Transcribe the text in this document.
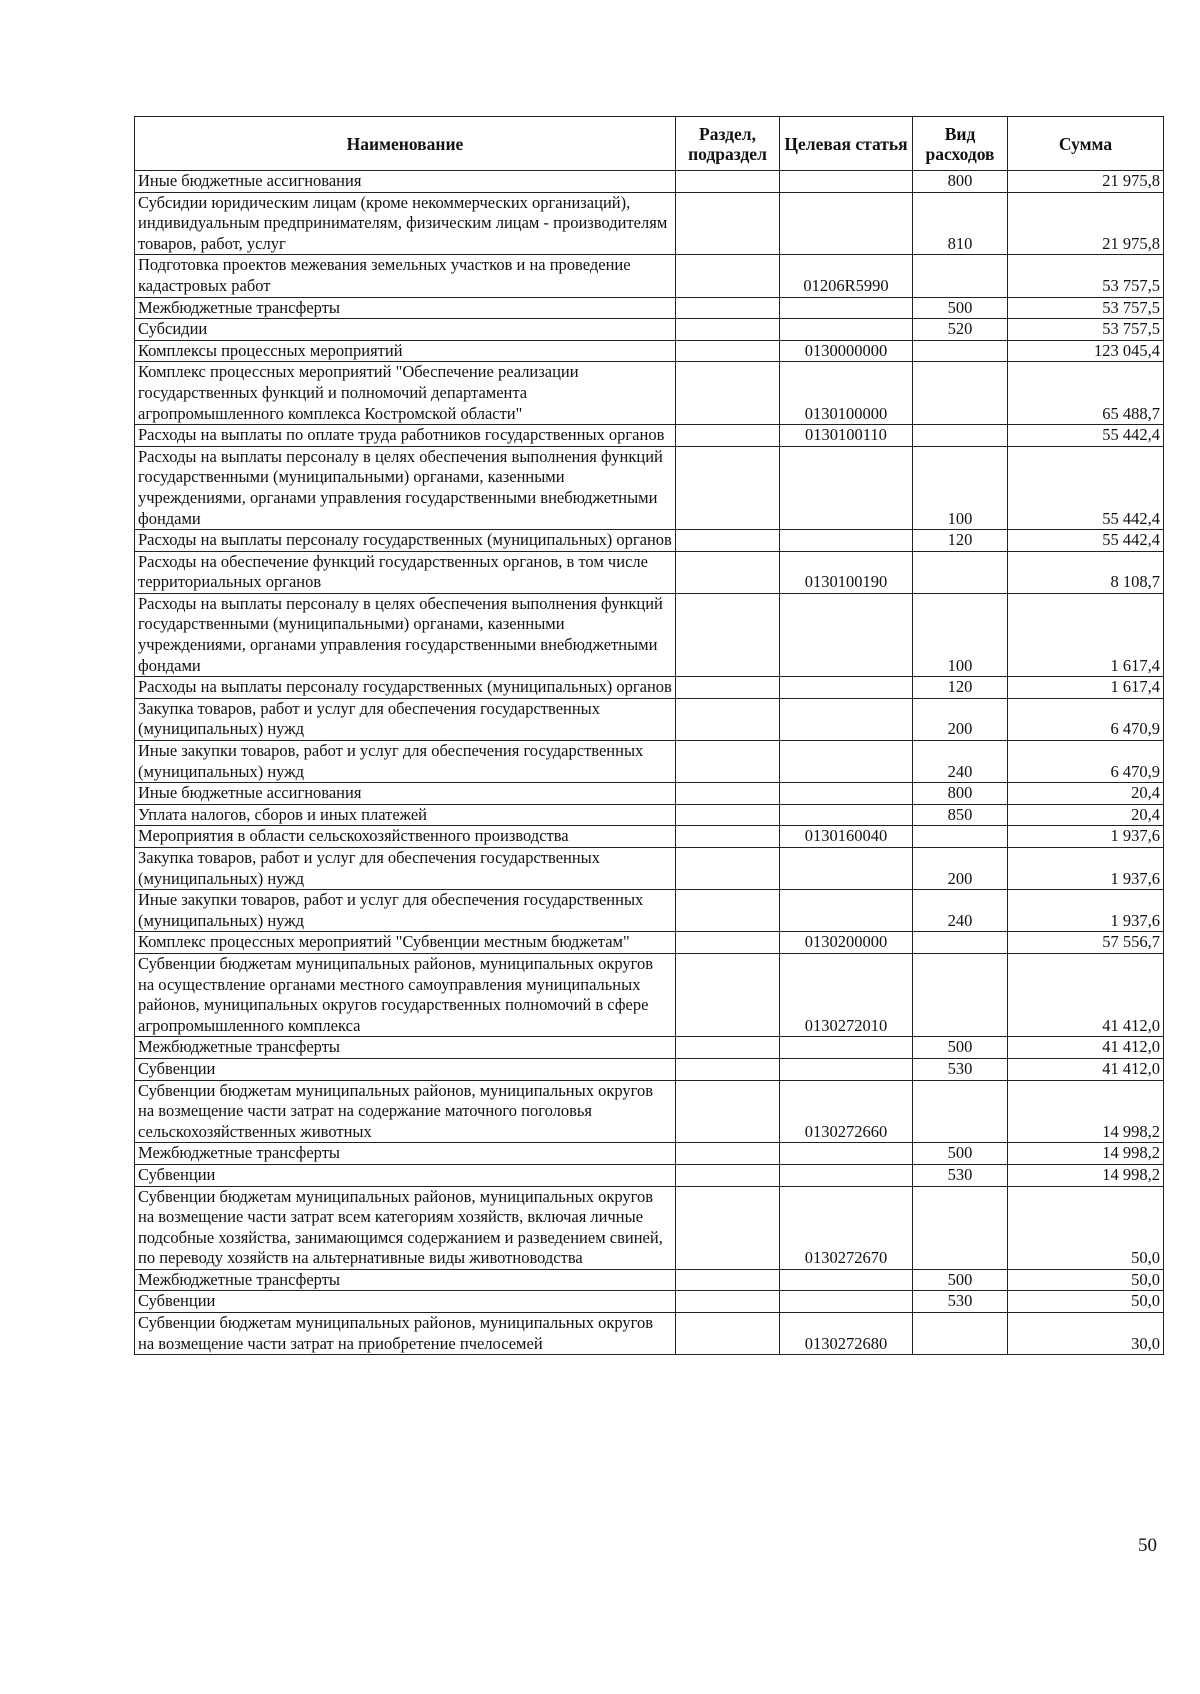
Наименование	Раздел, подраздел	Целевая статья	Вид расходов	Сумма
Иные бюджетные ассигнования			800	21 975,8
Субсидии юридическим лицам (кроме некоммерческих организаций), индивидуальным предпринимателям, физическим лицам - производителям товаров, работ, услуг			810	21 975,8
Подготовка проектов межевания земельных участков и на проведение кадастровых работ		01206R5990		53 757,5
Межбюджетные трансферты			500	53 757,5
Субсидии			520	53 757,5
Комплексы процессных мероприятий		0130000000		123 045,4
Комплекс процессных мероприятий "Обеспечение реализации государственных функций и полномочий департамента агропромышленного комплекса Костромской области"		0130100000		65 488,7
Расходы на выплаты по оплате труда работников государственных органов		0130100110		55 442,4
Расходы на выплаты персоналу в целях обеспечения выполнения функций государственными (муниципальными) органами, казенными учреждениями, органами управления государственными внебюджетными фондами			100	55 442,4
Расходы на выплаты персоналу государственных (муниципальных) органов			120	55 442,4
Расходы на обеспечение функций государственных органов, в том числе территориальных органов		0130100190		8 108,7
Расходы на выплаты персоналу в целях обеспечения выполнения функций государственными (муниципальными) органами, казенными учреждениями, органами управления государственными внебюджетными фондами			100	1 617,4
Расходы на выплаты персоналу государственных (муниципальных) органов			120	1 617,4
Закупка товаров, работ и услуг для обеспечения государственных (муниципальных) нужд			200	6 470,9
Иные закупки товаров, работ и услуг для обеспечения государственных (муниципальных) нужд			240	6 470,9
Иные бюджетные ассигнования			800	20,4
Уплата налогов, сборов и иных платежей			850	20,4
Мероприятия в области сельскохозяйственного производства		0130160040		1 937,6
Закупка товаров, работ и услуг для обеспечения государственных (муниципальных) нужд			200	1 937,6
Иные закупки товаров, работ и услуг для обеспечения государственных (муниципальных) нужд			240	1 937,6
Комплекс процессных мероприятий "Субвенции местным бюджетам"		0130200000		57 556,7
Субвенции бюджетам муниципальных районов, муниципальных округов на осуществление органами местного самоуправления муниципальных районов, муниципальных округов государственных полномочий в сфере агропромышленного комплекса		0130272010		41 412,0
Межбюджетные трансферты			500	41 412,0
Субвенции			530	41 412,0
Субвенции бюджетам муниципальных районов, муниципальных округов на возмещение части затрат на содержание маточного поголовья сельскохозяйственных животных		0130272660		14 998,2
Межбюджетные трансферты			500	14 998,2
Субвенции			530	14 998,2
Субвенции бюджетам муниципальных районов, муниципальных округов на возмещение части затрат всем категориям хозяйств, включая личные подсобные хозяйства, занимающимся содержанием и разведением свиней, по переводу хозяйств на альтернативные виды животноводства		0130272670		50,0
Межбюджетные трансферты			500	50,0
Субвенции			530	50,0
Субвенции бюджетам муниципальных районов, муниципальных округов на возмещение части затрат на приобретение пчелосемей		0130272680		30,0
50
